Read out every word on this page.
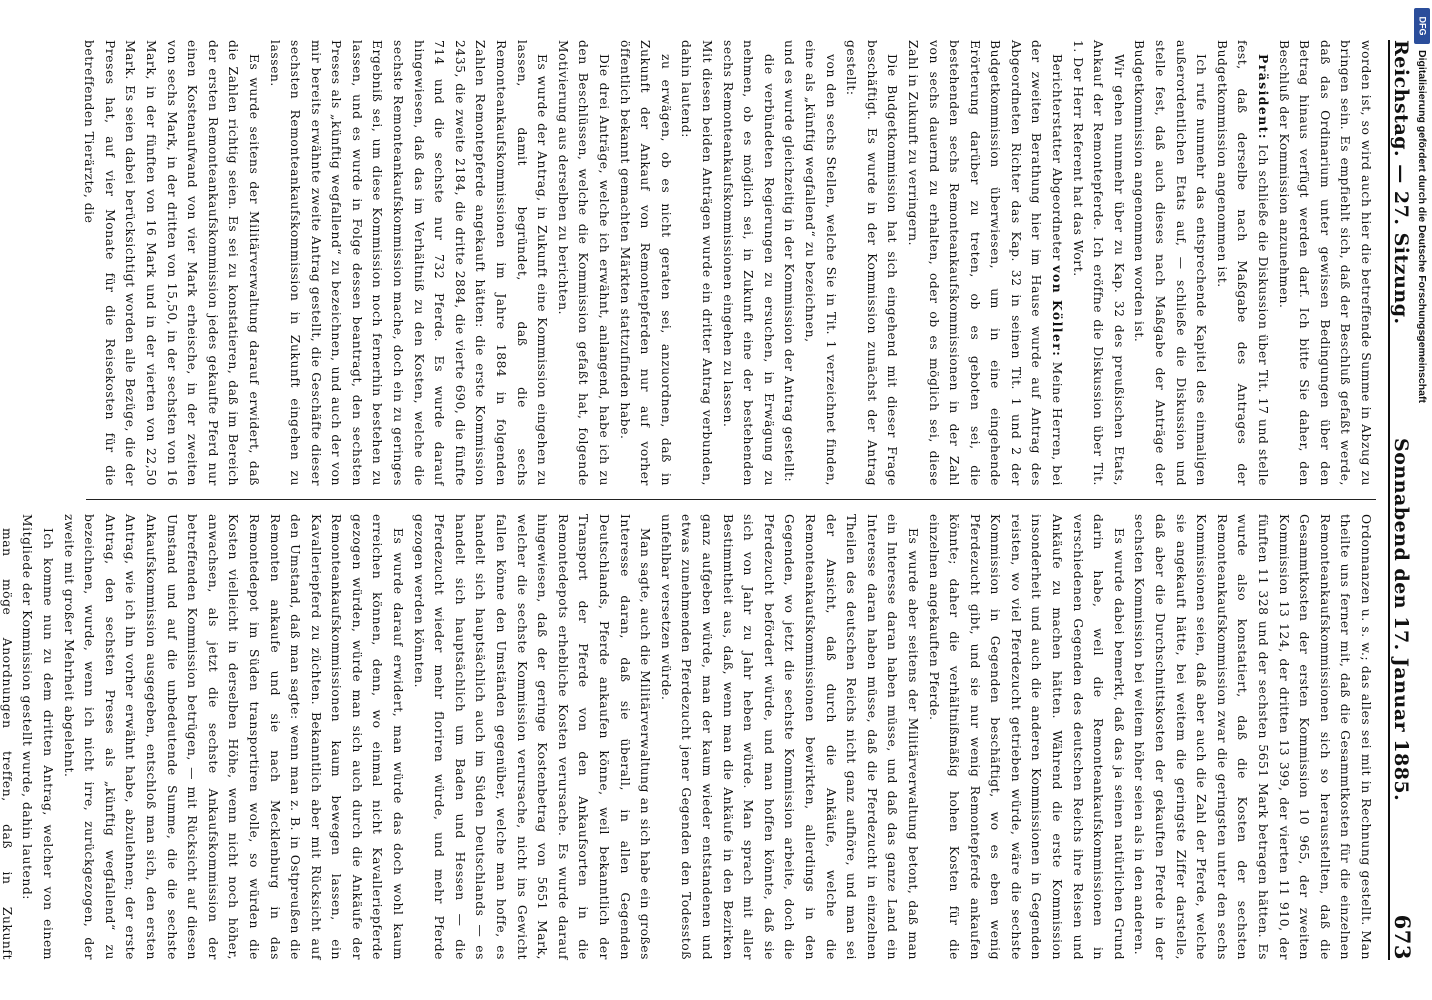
Reichstag. — 27. Sitzung.
Sonnabend den 17. Januar 1885.
673

worden ist, so wird auch hier die betreffende Summe in Abzug zu bringen sein. Es empfiehlt sich, daß der Beschluß gefaßt werde, daß das Ordinarium unter gewissen Bedingungen über den Betrag hinaus verfügt werden darf. Ich bitte Sie daher, den Beschluß der Kommission anzunehmen.

Präsident: Ich schließe die Diskussion über Tit. 17 und stelle fest, daß derselbe nach Maßgabe des Antrages der Budgetkommission angenommen ist.

Ich rufe nunmehr das entsprechende Kapitel des einmaligen außerordentlichen Etats auf, — schließe die Diskussion und stelle fest, daß auch dieses nach Maßgabe der Anträge der Budgetkommission angenommen worden ist.

Wir gehen nunmehr über zu Kap. 32 des preußischen Etats, Ankauf der Remontepferde. Ich eröffne die Diskussion über Tit. 1. Der Herr Referent hat das Wort.

Berichterstatter Abgeordneter von Köller: Meine Herren, bei der zweiten Berathung hier im Hause wurde auf Antrag des Abgeordneten Richter das Kap. 32 in seinen Tit. 1 und 2 der Budgetkommission überwiesen, um in eine eingehende Erörterung darüber zu treten, ob es geboten sei, die bestehenden sechs Remonteankaufskommissionen in der Zahl von sechs dauernd zu erhalten, oder ob es möglich sei, diese Zahl in Zukunft zu verringern.

Die Budgetkommission hat sich eingehend mit dieser Frage beschäftigt. Es wurde in der Kommission zunächst der Antrag gestellt:

von den sechs Stellen, welche Sie in Tit. 1 verzeichnet finden, eine als „künftig wegfallend“ zu bezeichnen,

und es wurde gleichzeitig in der Kommission der Antrag gestellt:

die verbündeten Regierungen zu ersuchen, in Erwägung zu nehmen, ob es möglich sei, in Zukunft eine der bestehenden sechs Remonteankaufskommissionen eingehen zu lassen.

Mit diesen beiden Anträgen wurde ein dritter Antrag verbunden, dahin lautend:

zu erwägen, ob es nicht geraten sei, anzuordnen, daß in Zukunft der Ankauf von Remontepferden nur auf vorher öffentlich bekannt gemachten Märkten stattzufinden habe.

Die drei Anträge, welche ich erwähnt, anlangend, habe ich zu den Beschlüssen, welche die Kommission gefaßt hat, folgende Motivierung aus derselben zu berichten.

Es wurde der Antrag, in Zukunft eine Kommission eingehen zu lassen, damit begründet, daß die sechs Remonteankaufskommissionen im Jahre 1884 in folgenden Zahlen Remontepferde angekauft hätten: die erste Kommission 2435, die zweite 2184, die dritte 2884, die vierte 690, die fünfte 714 und die sechste nur 732 Pferde. Es wurde darauf hingewiesen, daß das im Verhältniß zu den Kosten, welche die sechste Remonteankaufskommission mache, doch ein zu geringes Ergebniß sei, um diese Kommission noch fernerhin bestehen zu lassen, und es wurde in Folge dessen beantragt, den sechsten Preses als „künftig wegfallend“ zu bezeichnen, und auch der von mir bereits erwähnte zweite Antrag gestellt, die Geschäfte dieser sechsten Remonteankaufskommission in Zukunft eingehen zu lassen.

Es wurde seitens der Militärverwaltung darauf erwidert, daß die Zahlen richtig seien. Es sei zu konstatieren, daß im Bereich der ersten Remonteankaufskommission jedes gekaufte Pferd nur einen Kostenaufwand von vier Mark erheische, in der zweiten von sechs Mark, in der dritten von 15,50, in der sechsten von 16 Mark, in der fünften von 16 Mark und in der vierten von 22,50 Mark. Es seien dabei berücksichtigt worden alle Bezüge, die der Preses hat, auf vier Monate für die Reisekosten für die betreffenden Tierärzte, die

Ordonnanzen u. s. w.; das alles sei mit in Rechnung gestellt. Man theilte uns ferner mit, daß die Gesammtkosten für die einzelnen Remonteankaufskommissionen sich so herausstellten, daß die Gesammtkosten der ersten Kommission 10 965, der zweiten Kommission 13 124, der dritten 13 399, der vierten 11 910, der fünften 11 328 und der sechsten 5651 Mark betragen hätten. Es wurde also konstatiert, daß die Kosten der sechsten Remonteankaufskommission zwar die geringsten unter den sechs Kommissionen seien, daß aber auch die Zahl der Pferde, welche sie angekauft hätte, bei weitem die geringste Ziffer darstelle, daß aber die Durchschnittskosten der gekauften Pferde in der sechsten Kommission bei weitem höher seien als in den anderen.

Es wurde dabei bemerkt, daß das ja seinen natürlichen Grund darin habe, weil die Remonteankaufskommissionen in verschiedenen Gegenden des deutschen Reichs ihre Reisen und Ankäufe zu machen hätten. Während die erste Kommission insonderheit und auch die anderen Kommissionen in Gegenden reisten, wo viel Pferdezucht getrieben würde, wäre die sechste Kommission in Gegenden beschäftigt, wo es eben wenig Pferdezucht gibt, und sie nur wenig Remontepferde ankaufen könnte; daher die verhältnißmäßig hohen Kosten für die einzelnen angekauften Pferde.

Es wurde aber seitens der Militärverwaltung betont, daß man ein Interesse daran haben müsse, und daß das ganze Land ein Interesse daran haben müsse, daß die Pferdezucht in einzelnen Theilen des deutschen Reichs nicht ganz aufhöre, und man sei der Ansicht, daß durch die Ankäufe, welche die Remonteankaufskommissionen bewirkten, allerdings in den Gegenden, wo jetzt die sechste Kommission arbeite, doch die Pferdezucht befördert würde, und man hoffen könnte, daß sie sich von Jahr zu Jahr heben würde. Man sprach mit aller Bestimmtheit aus, daß, wenn man die Ankäufe in den Bezirken ganz aufgeben würde, man der kaum wieder entstandenen und etwas zunehmenden Pferdezucht jener Gegenden den Todesstoß unfehlbar versetzen würde.

Man sagte, auch die Militärverwaltung an sich habe ein großes Interesse daran, daß sie überall, in allen Gegenden Deutschlands, Pferde ankaufen könne, weil bekanntlich der Transport der Pferde von den Ankaufsorten in die Remontedepots erhebliche Kosten verursache. Es wurde darauf hingewiesen, daß der geringe Kostenbetrag von 5651 Mark, welcher die sechste Kommission verursache, nicht ins Gewicht fallen könne den Umständen gegenüber, welche man hoffe, es handelt sich hauptsächlich auch im Süden Deutschlands — es handelt sich hauptsächlich um Baden und Hessen — die Pferdezucht wieder mehr floriren würde, und mehr Pferde gezogen werden könnten.

Es wurde darauf erwidert, man würde das doch wohl kaum erreichen können, denn, wo einmal nicht Kavalleriepferde gezogen würden, würde man sich auch durch die Ankäufe der Remonteankaufskommissionen kaum bewegen lassen, ein Kavalleriepferd zu züchten. Bekanntlich aber mit Rücksicht auf den Umstand, daß man sagte: wenn man z. B. in Ostpreußen die Remonten ankaufe und sie nach Mecklenburg in das Remontedepot im Süden transportiren wolle, so würden die Kosten vielleicht in derselben Höhe, wenn nicht noch höher, anwachsen, als jetzt die sechste Ankaufskommission der betreffenden Kommission betrügen, — mit Rücksicht auf diesen Umstand und auf die unbedeutende Summe, die die sechste Ankaufskommission ausgegeben, entschloß man sich, den ersten Antrag, wie ich ihn vorher erwähnt habe, abzulehnen; der erste Antrag, den sechsten Preses als „künftig wegfallend“ zu bezeichnen, wurde, wenn ich nicht irre, zurückgezogen, der zweite mit großer Mehrheit abgelehnt.

Ich komme nun zu dem dritten Antrag, welcher von einem Mitgliede der Kommission gestellt wurde, dahin lautend:

man möge Anordnungen treffen, daß in Zukunft

DFG
Digitalisierung gefördert durch die Deutsche Forschungsgemeinschaft
